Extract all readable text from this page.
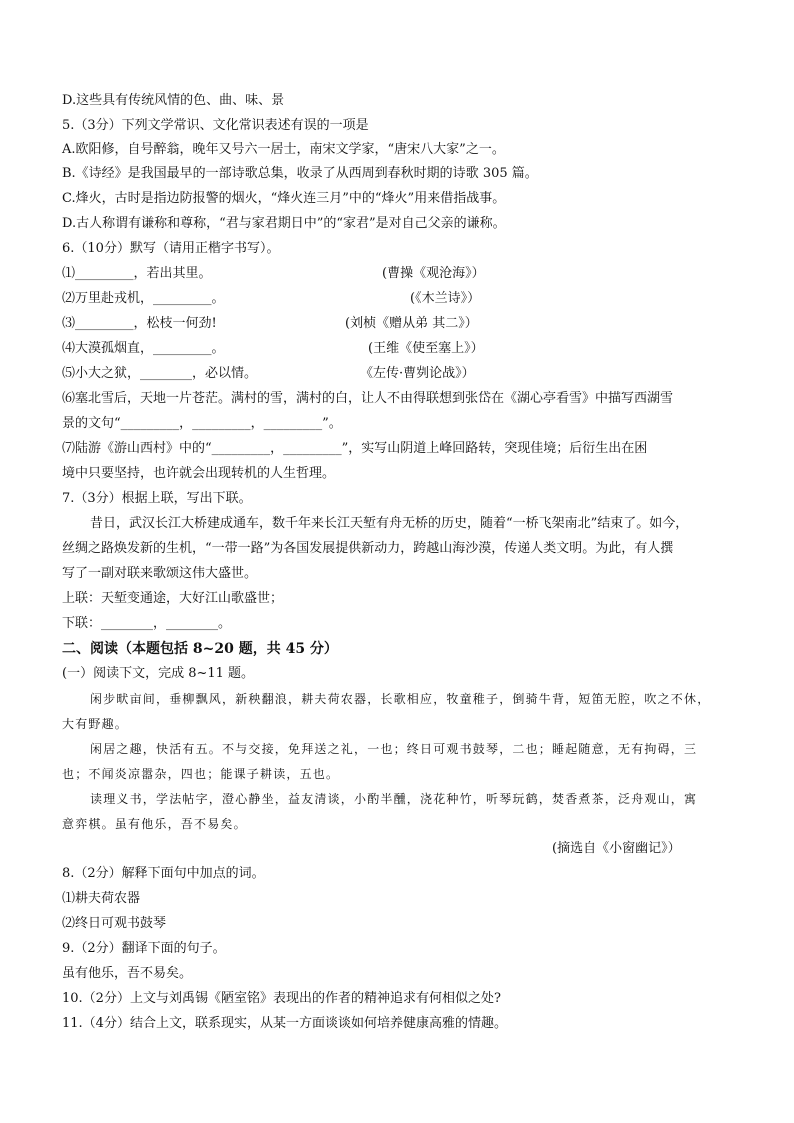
D.这些具有传统风情的色、曲、味、景
5.（3分）下列文学常识、文化常识表述有误的一项是
A.欧阳修，自号醉翁，晚年又号六一居士，南宋文学家，“唐宋八大家”之一。
B.《诗经》是我国最早的一部诗歌总集，收录了从西周到春秋时期的诗歌 305 篇。
C.烽火，古时是指边防报警的烟火，“烽火连三月”中的“烽火”用来借指战事。
D.古人称谓有谦称和尊称，“君与家君期日中”的“家君”是对自己父亲的谦称。
6.（10分）默写（请用正楷字书写）。
⑴_________，若出其里。	(曹操《观沧海》）
⑵万里赴戎机，_________。	(《木兰诗》）
⑶_________，松枝一何劲!	(刘桢《赠从弟 其二》）
⑷大漠孤烟直，_________。	(王维《使至塞上》）
⑸小大之狱，________，必以情。	《左传·曹刿论战》）
⑹塞北雪后，天地一片苍茫。满村的雪，满村的白，让人不由得联想到张岱在《湖心亭看雪》中描写西湖雪
景的文句“_________，_________，_________”。
⑺陆游《游山西村》中的“_________，_________”，实写山阴道上峰回路转，突现佳境；后衍生出在困
境中只要坚持，也许就会出现转机的人生哲理。
7.（3分）根据上联，写出下联。
昔日，武汉长江大桥建成通车，数千年来长江天堑有舟无桥的历史，随着“一桥飞架南北”结束了。如今，
丝绸之路焕发新的生机，“一带一路”为各国发展提供新动力，跨越山海沙漠，传递人类文明。为此，有人撰
写了一副对联来歌颂这伟大盛世。
上联：天堑变通途，大好江山歌盛世；
下联：________，________。
二、阅读（本题包括 8~20 题，共 45 分）
(一）阅读下文，完成 8~11 题。
闲步畎亩间，垂柳飘风，新秧翻浪，耕夫荷农器，长歌相应，牧童稚子，倒骑牛背，短笛无腔，吹之不休，
大有野趣。
闲居之趣，快活有五。不与交接，免拜送之礼，一也；终日可观书鼓琴，二也；睡起随意，无有拘碍，三
也；不闻炎凉嚣杂，四也；能课子耕读，五也。
读理义书，学法帖字，澄心静坐，益友清谈，小酌半醺，浇花种竹，听琴玩鹤，焚香煮茶，泛舟观山，寓
意弈棋。虽有他乐，吾不易矣。
(摘选自《小窗幽记》）
8.（2分）解释下面句中加点的词。
⑴耕夫荷农器
⑵终日可观书鼓琴
9.（2分）翻译下面的句子。
虽有他乐，吾不易矣。
10.（2分）上文与刘禹锡《陋室铭》表现出的作者的精神追求有何相似之处?
11.（4分）结合上文，联系现实，从某一方面谈谈如何培养健康高雅的情趣。
